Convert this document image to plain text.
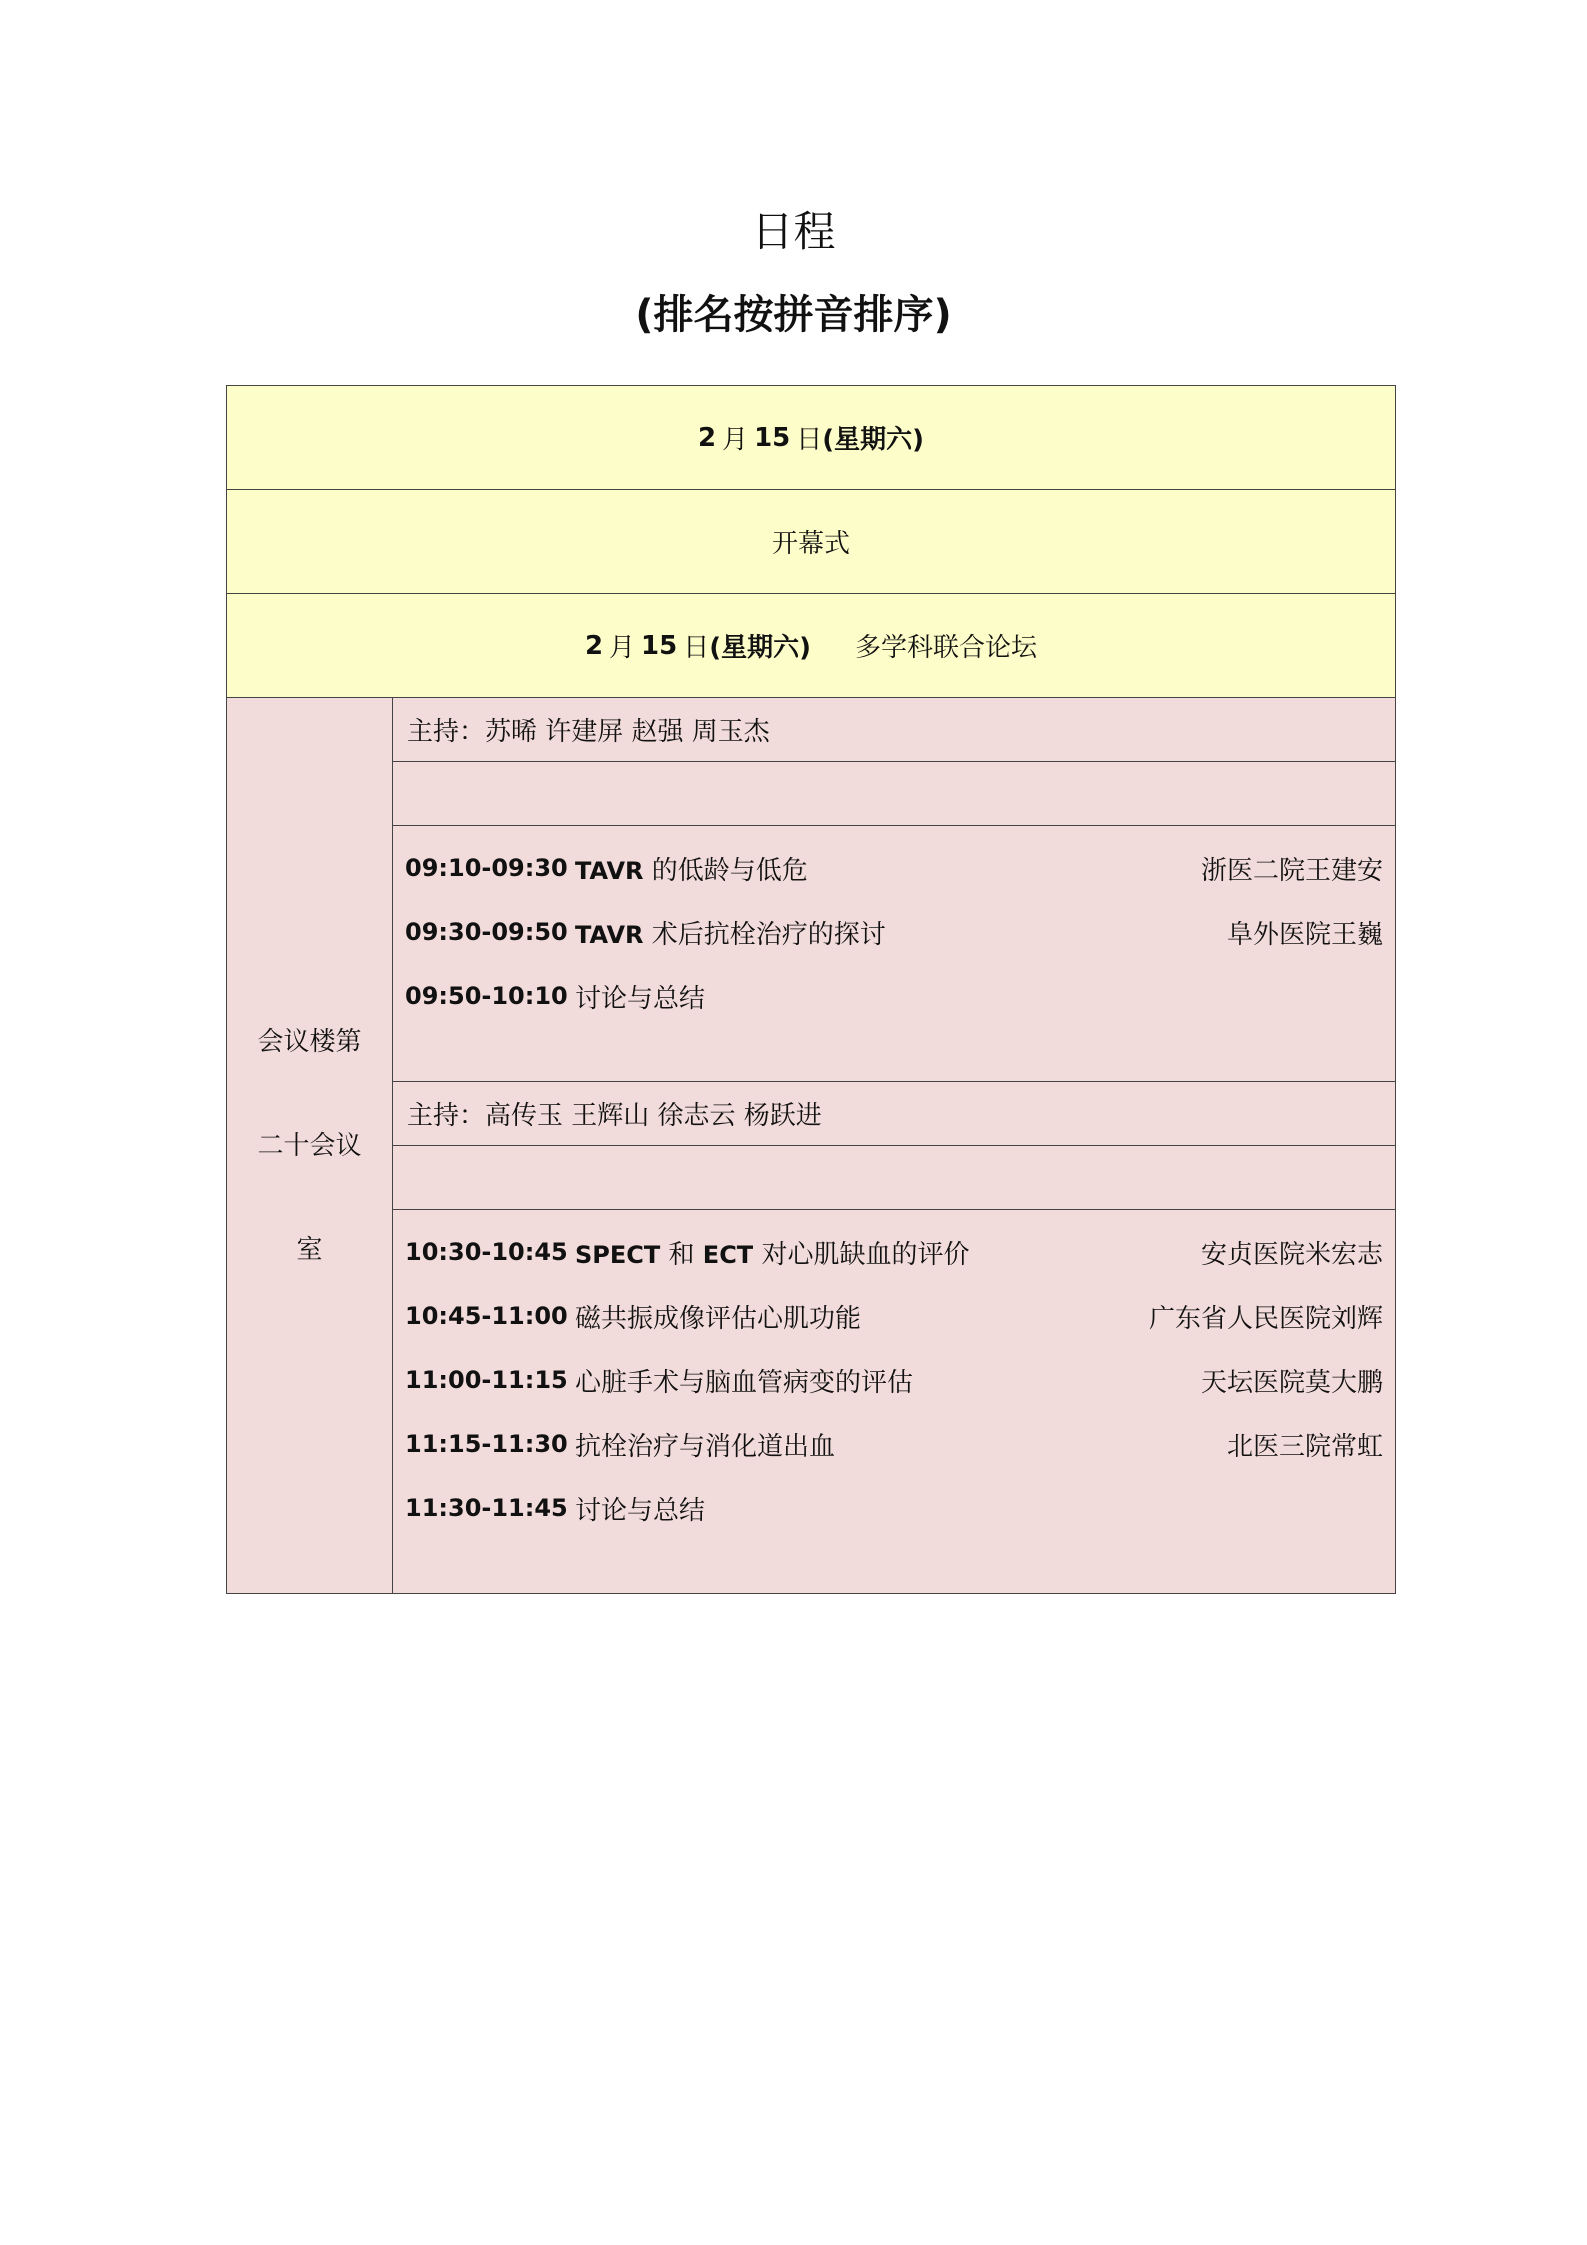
日程
(排名按拼音排序)
2 月 15 日 (星期六)
开幕式
2 月 15 日 (星期六) 多学科联合论坛
会议楼第
二十会议
室
主持：苏晞 许建屏 赵强 周玉杰
09:10-09:30 TAVR 的低龄与低危	浙医二院王建安
09:30-09:50 TAVR 术后抗栓治疗的探讨	阜外医院王巍
09:50-10:10 讨论与总结
主持：高传玉 王辉山 徐志云 杨跃进
10:30-10:45 SPECT 和 ECT 对心肌缺血的评价	安贞医院米宏志
10:45-11:00 磁共振成像评估心肌功能	广东省人民医院刘辉
11:00-11:15 心脏手术与脑血管病变的评估	天坛医院莫大鹏
11:15-11:30 抗栓治疗与消化道出血	北医三院常虹
11:30-11:45 讨论与总结
